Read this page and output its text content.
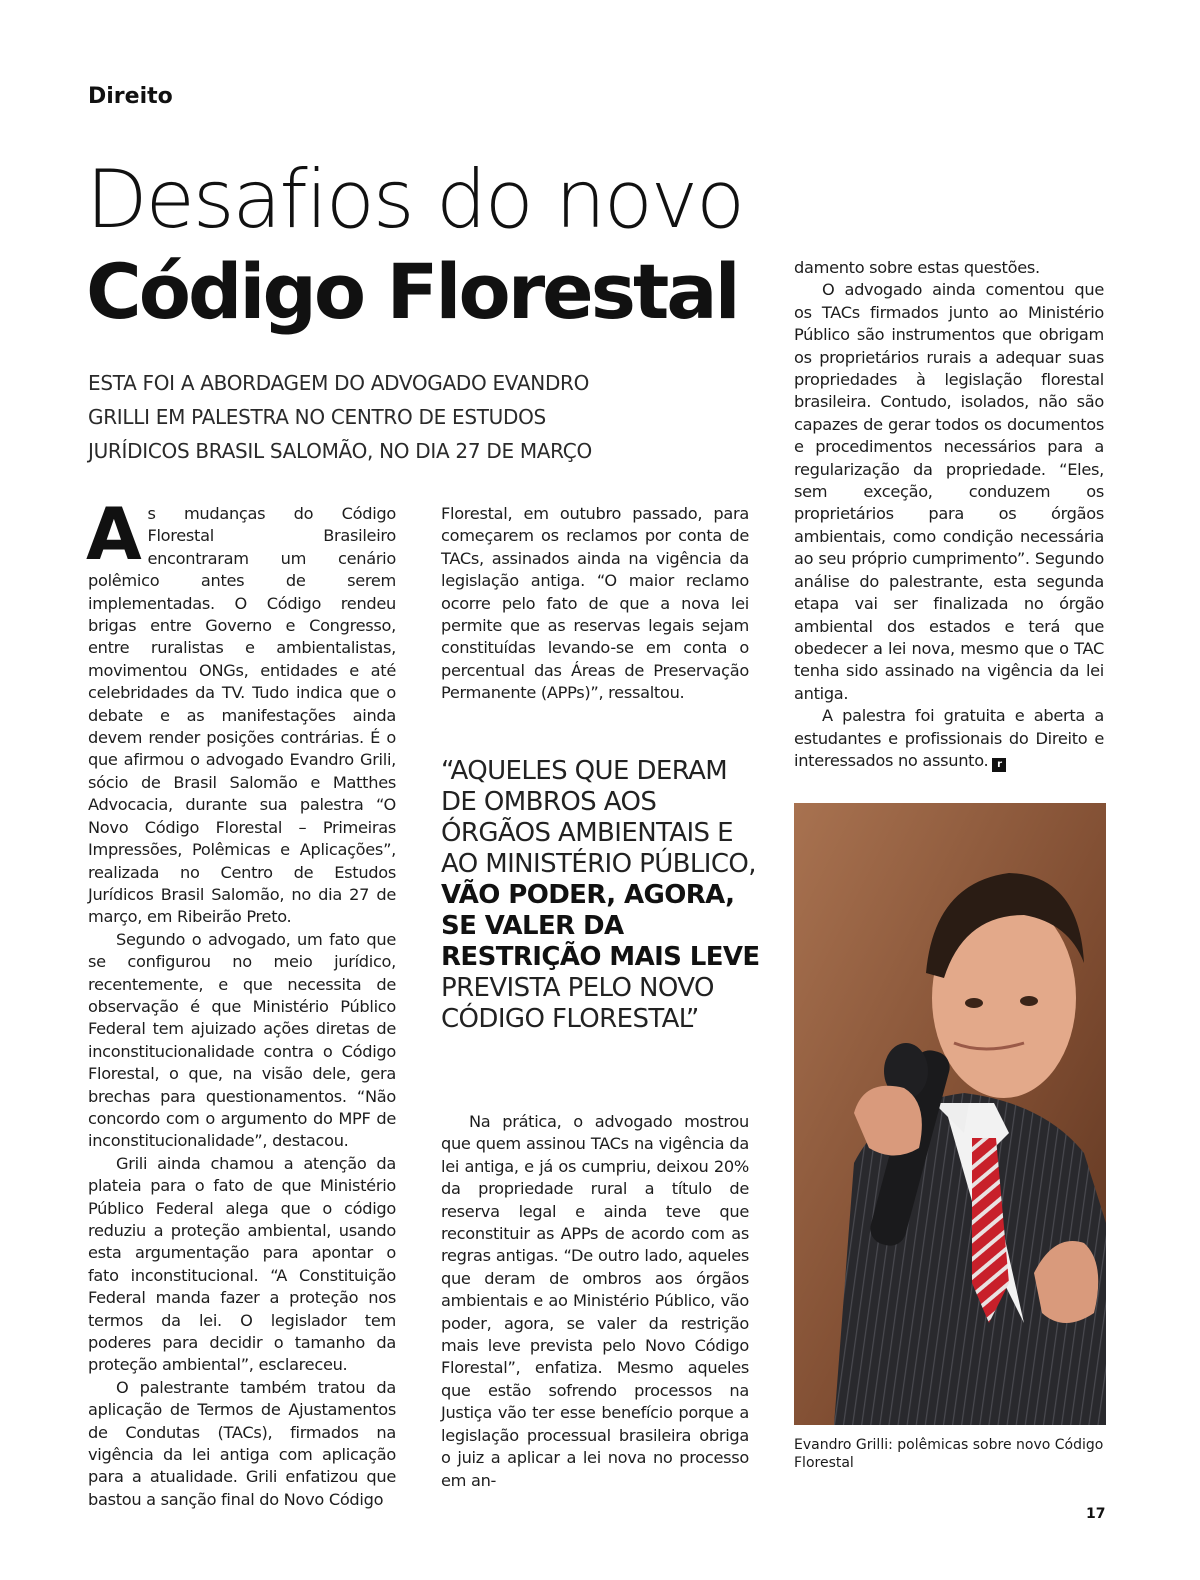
Direito
Desafios do novo
Código Florestal
ESTA FOI A ABORDAGEM DO ADVOGADO EVANDRO
GRILLI EM PALESTRA NO CENTRO DE ESTUDOS
JURÍDICOS BRASIL SALOMÃO, NO DIA 27 DE MARÇO

As mudanças do Código Florestal Brasileiro encontraram um cenário polêmico antes de serem implementadas. O Código rendeu brigas entre Governo e Congresso, entre ruralistas e ambientalistas, movimentou ONGs, entidades e até celebridades da TV. Tudo indica que o debate e as manifestações ainda devem render posições contrárias. É o que afirmou o advogado Evandro Grili, sócio de Brasil Salomão e Matthes Advocacia, durante sua palestra “O Novo Código Florestal – Primeiras Impressões, Polêmicas e Aplicações”, realizada no Centro de Estudos Jurídicos Brasil Salomão, no dia 27 de março, em Ribeirão Preto.

Segundo o advogado, um fato que se configurou no meio jurídico, recentemente, e que necessita de observação é que Ministério Público Federal tem ajuizado ações diretas de inconstitucionalidade contra o Código Florestal, o que, na visão dele, gera brechas para questionamentos. “Não concordo com o argumento do MPF de inconstitucionalidade”, destacou.

Grili ainda chamou a atenção da plateia para o fato de que Ministério Público Federal alega que o código reduziu a proteção ambiental, usando esta argumentação para apontar o fato inconstitucional. “A Constituição Federal manda fazer a proteção nos termos da lei. O legislador tem poderes para decidir o tamanho da proteção ambiental”, esclareceu.

O palestrante também tratou da aplicação de Termos de Ajustamentos de Condutas (TACs), firmados na vigência da lei antiga com aplicação para a atualidade. Grili enfatizou que bastou a sanção final do Novo Código

Florestal, em outubro passado, para começarem os reclamos por conta de TACs, assinados ainda na vigência da legislação antiga. “O maior reclamo ocorre pelo fato de que a nova lei permite que as reservas legais sejam constituídas levando-se em conta o percentual das Áreas de Preservação Permanente (APPs)”, ressaltou.

“AQUELES QUE DERAM DE OMBROS AOS ÓRGÃOS AMBIENTAIS E AO MINISTÉRIO PÚBLICO, VÃO PODER, AGORA, SE VALER DA RESTRIÇÃO MAIS LEVE PREVISTA PELO NOVO CÓDIGO FLORESTAL”

Na prática, o advogado mostrou que quem assinou TACs na vigência da lei antiga, e já os cumpriu, deixou 20% da propriedade rural a título de reserva legal e ainda teve que reconstituir as APPs de acordo com as regras antigas. “De outro lado, aqueles que deram de ombros aos órgãos ambientais e ao Ministério Público, vão poder, agora, se valer da restrição mais leve prevista pelo Novo Código Florestal”, enfatiza. Mesmo aqueles que estão sofrendo processos na Justiça vão ter esse benefício porque a legislação processual brasileira obriga o juiz a aplicar a lei nova no processo em an-

damento sobre estas questões.

O advogado ainda comentou que os TACs firmados junto ao Ministério Público são instrumentos que obrigam os proprietários rurais a adequar suas propriedades à legislação florestal brasileira. Contudo, isolados, não são capazes de gerar todos os documentos e procedimentos necessários para a regularização da propriedade. “Eles, sem exceção, conduzem os proprietários para os órgãos ambientais, como condição necessária ao seu próprio cumprimento”. Segundo análise do palestrante, esta segunda etapa vai ser finalizada no órgão ambiental dos estados e terá que obedecer a lei nova, mesmo que o TAC tenha sido assinado na vigência da lei antiga.

A palestra foi gratuita e aberta a estudantes e profissionais do Direito e interessados no assunto. r

Evandro Grilli: polêmicas sobre novo Código Florestal
17
